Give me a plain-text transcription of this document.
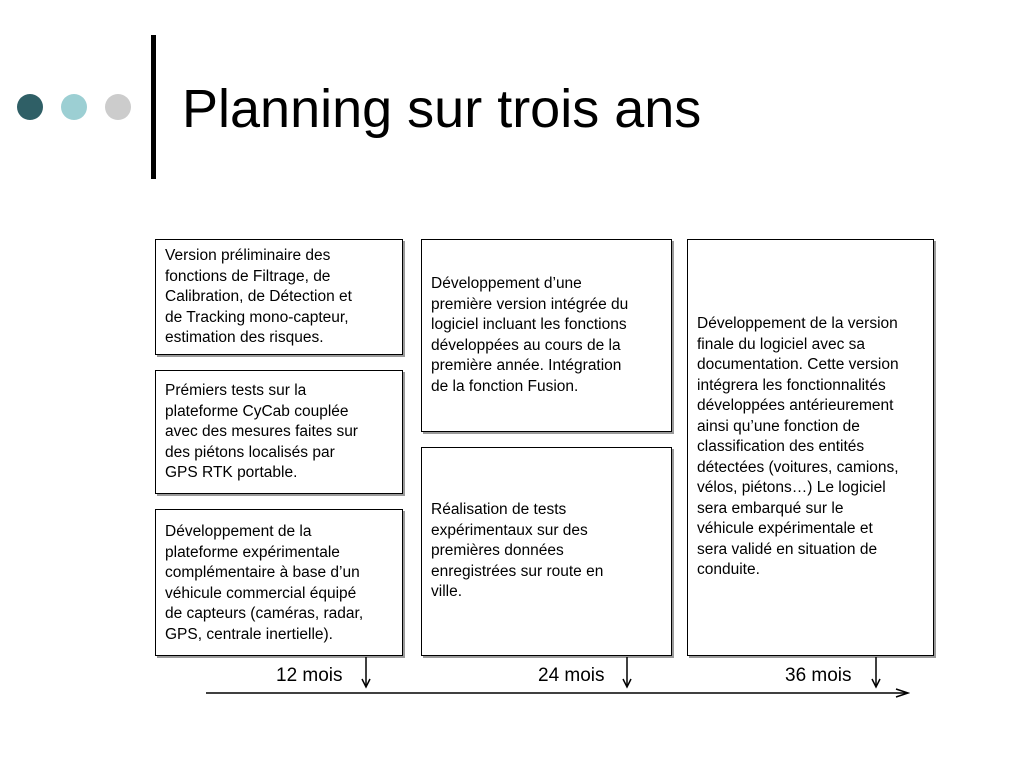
Planning sur trois ans
Version préliminaire des
fonctions de Filtrage, de
Calibration, de Détection et
de Tracking mono-capteur,
estimation des risques.
Prémiers tests sur la
plateforme CyCab couplée
avec des mesures faites sur
des piétons localisés par
GPS RTK portable.
Développement de la
plateforme expérimentale
complémentaire à base d’un
véhicule commercial équipé
de capteurs (caméras, radar,
GPS, centrale inertielle).
Développement d’une
première version intégrée du
logiciel incluant les fonctions
développées au cours de la
première année. Intégration
de la fonction Fusion.
Réalisation de tests
expérimentaux sur des
premières données
enregistrées sur route en
ville.
Développement de la version
finale du logiciel avec sa
documentation. Cette version
intégrera les fonctionnalités
développées antérieurement
ainsi qu’une fonction de
classification des entités
détectées (voitures, camions,
vélos, piétons…) Le logiciel
sera embarqué sur le
véhicule expérimentale et
sera validé en situation de
conduite.
12 mois	24 mois	36 mois
